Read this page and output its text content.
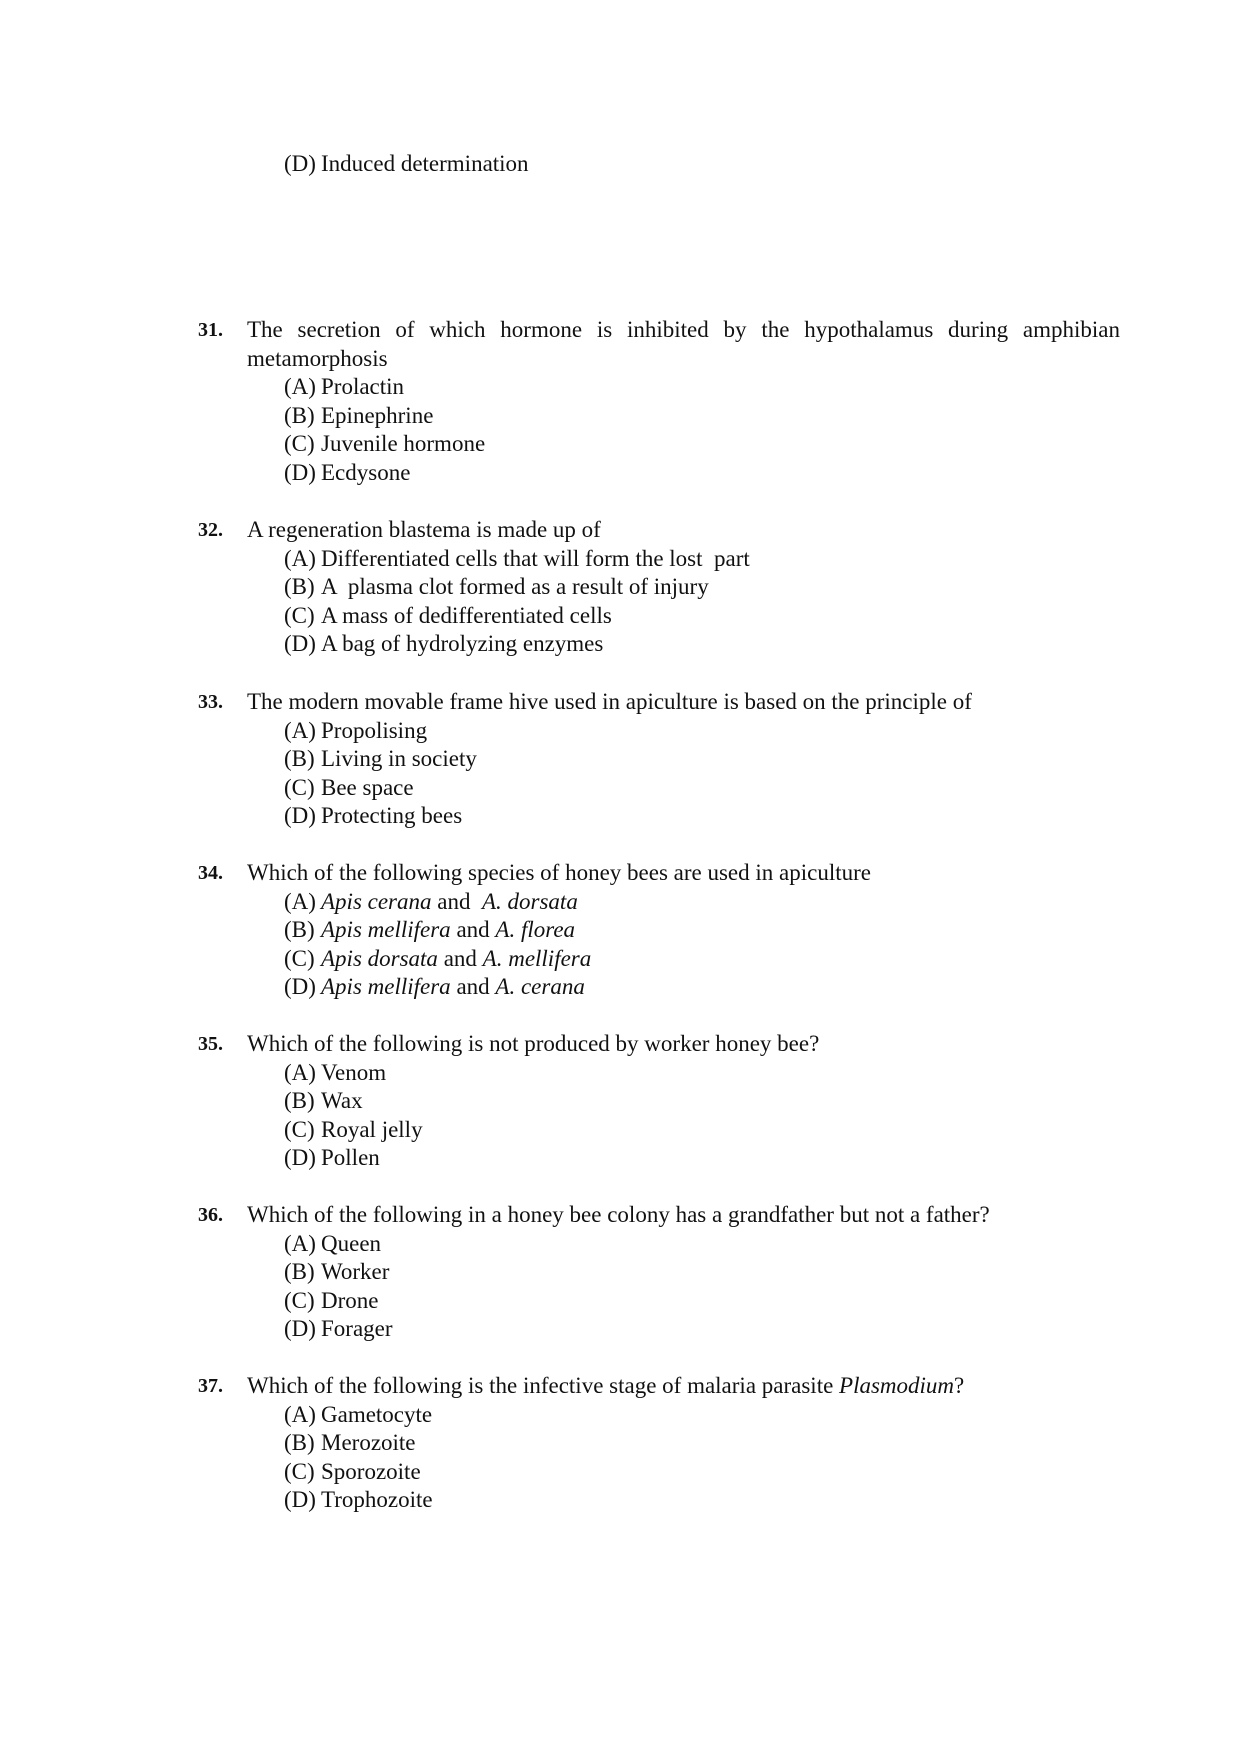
(D) Induced determination
31. The secretion of which hormone is inhibited by the hypothalamus during amphibian metamorphosis
(A) Prolactin
(B) Epinephrine
(C) Juvenile hormone
(D) Ecdysone
32. A regeneration blastema is made up of
(A) Differentiated cells that will form the lost  part
(B) A  plasma clot formed as a result of injury
(C) A mass of dedifferentiated cells
(D) A bag of hydrolyzing enzymes
33. The modern movable frame hive used in apiculture is based on the principle of
(A) Propolising
(B) Living in society
(C) Bee space
(D) Protecting bees
34. Which of the following species of honey bees are used in apiculture
(A) Apis cerana and  A. dorsata
(B) Apis mellifera and A. florea
(C) Apis dorsata and A. mellifera
(D) Apis mellifera and A. cerana
35. Which of the following is not produced by worker honey bee?
(A) Venom
(B) Wax
(C) Royal jelly
(D) Pollen
36. Which of the following in a honey bee colony has a grandfather but not a father?
(A) Queen
(B) Worker
(C) Drone
(D) Forager
37. Which of the following is the infective stage of malaria parasite Plasmodium?
(A) Gametocyte
(B) Merozoite
(C) Sporozoite
(D) Trophozoite
